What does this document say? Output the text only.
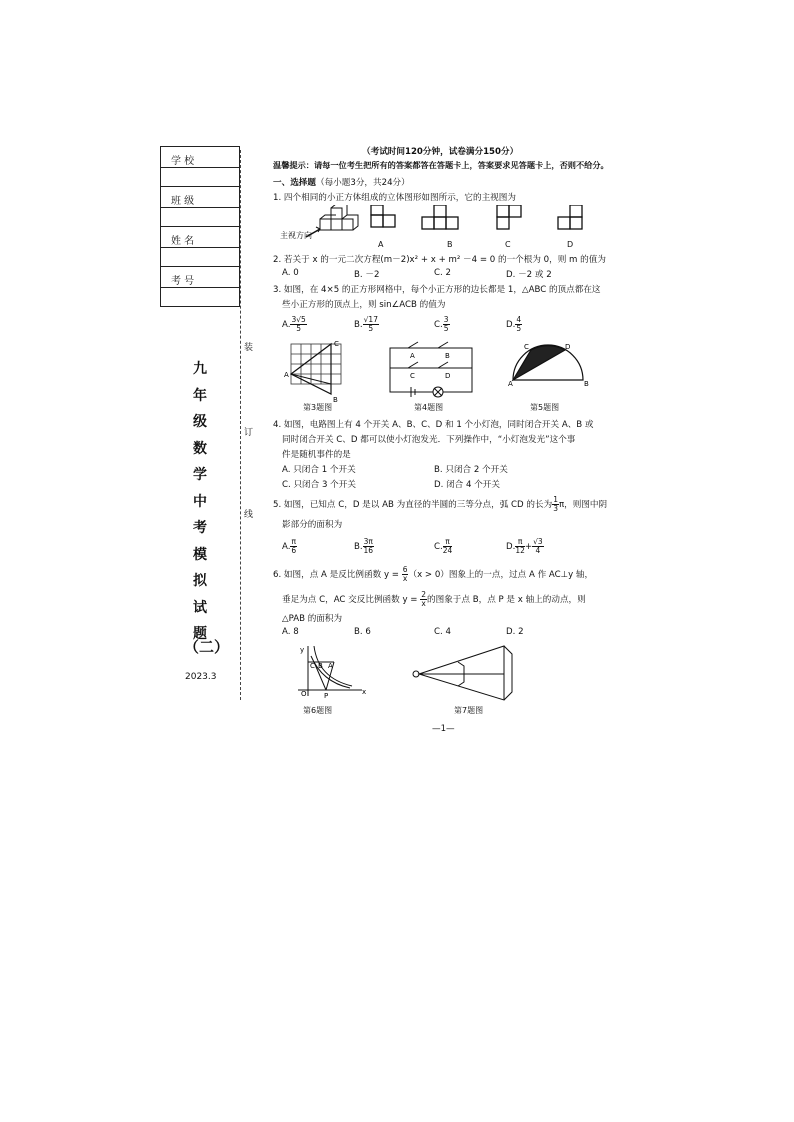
学 校
班 级
姓 名
考 号
九
年
级
数
学
中
考
模
拟
试
题
（二）
2023.3
装
订
线
（考试时间120分钟，试卷满分150分）
温馨提示：请每一位考生把所有的答案都答在答题卡上，答案要求见答题卡上，否则不给分。
一、选择题（每小题3分，共24分）
1. 四个相同的小正方体组成的立体图形如图所示，它的主视图为
主视方向
A	B	C	D
2. 若关于 x 的一元二次方程(m－2)x² + x + m² －4 = 0 的一个根为 0，则 m 的值为
A. 0	B. －2	C. 2	D. －2 或 2
3. 如图，在 4×5 的正方形网格中，每个小正方形的边长都是 1，△ABC 的顶点都在这
些小正方形的顶点上，则 sin∠ACB 的值为
A. $\frac{3√5}{5}$	B. $\frac{√17}{5}$	C. $\frac{3}{5}$	D. $\frac{4}{5}$
A
B
C
A	B
C	D
A	B
C	D
第3题图	第4题图	第5题图
4. 如图，电路图上有 4 个开关 A、B、C、D 和 1 个小灯泡，同时闭合开关 A、B 或
同时闭合开关 C、D 都可以使小灯泡发光．下列操作中，“小灯泡发光”这个事
件是随机事件的是
A. 只闭合 1 个开关	B. 只闭合 2 个开关
C. 只闭合 3 个开关	D. 闭合 4 个开关
5. 如图，已知点 C，D 是以 AB 为直径的半圆的三等分点，弧 CD 的长为 $\frac{1}{3}$ π，则图中阴
影部分的面积为
A. $\frac{\pi}{6}$	B. $\frac{3\pi}{16}$	C. $\frac{\pi}{24}$	D. $\frac{\pi}{12} + \frac{√3}{4}$
6. 如图，点 A 是反比例函数 $y = \frac{6}{x} (x > 0)$图象上的一点，过点 A 作 AC⊥y 轴，
垂足为点 C，AC 交反比例函数 $y = \frac{2}{x}$ 的图象于点 B，点 P 是 x 轴上的动点，则
△PAB 的面积为
A. 8	B. 6	C. 4	D. 2
y
C B A
O P	x
第6题图	第7题图
—1—
